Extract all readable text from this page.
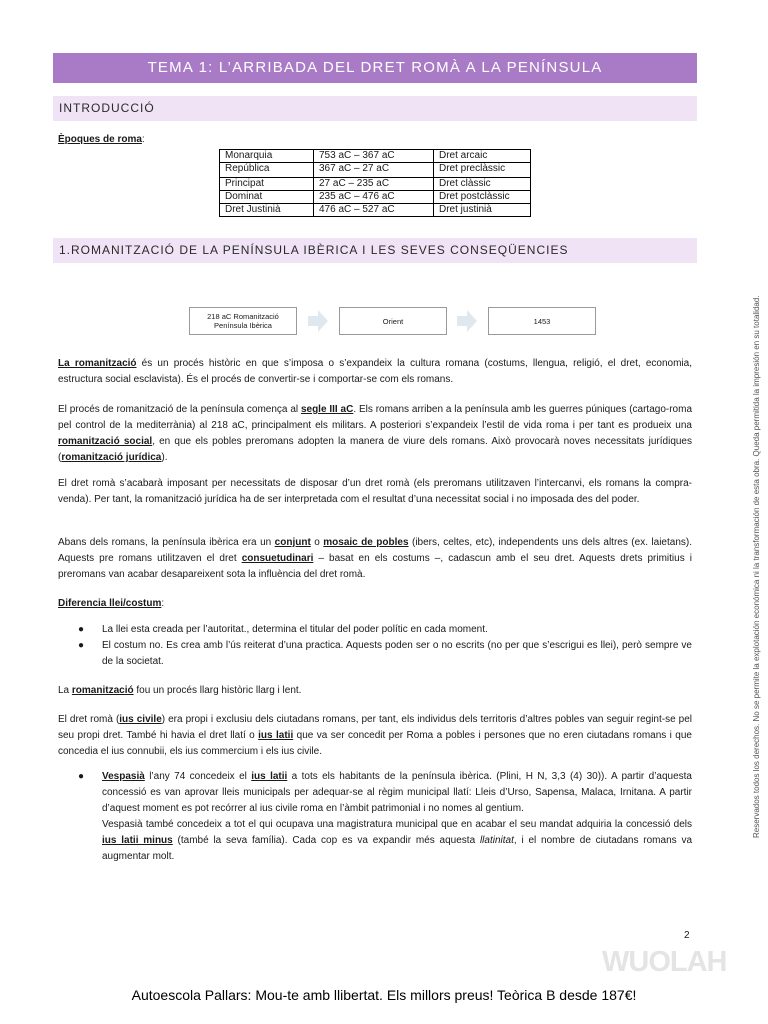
TEMA 1: L’ARRIBADA DEL DRET ROMÀ A LA PENÍNSULA
INTRODUCCIÓ
Èpoques de roma:
Monarquia	753 aC – 367 aC	Dret arcaic
República	367 aC – 27 aC	Dret preclàssic
Principat	27 aC – 235 aC	Dret clàssic
Dominat	235 aC – 476 aC	Dret postclàssic
Dret Justinià	476 aC – 527 aC	Dret justinià
1.ROMANITZACIÓ DE LA PENÍNSULA IBÈRICA I LES SEVES CONSEQÜENCIES
218 aC Romanització Península Ibèrica	Orient	1453
La romanització és un procés històric en que s’imposa o s’expandeix la cultura romana (costums, llengua, religió, el dret, economia, estructura social esclavista). És el procés de convertir-se i comportar-se com els romans.
El procés de romanització de la península comença al segle III aC. Els romans arriben a la península amb les guerres púniques (cartago-roma pel control de la mediterrània) al 218 aC, principalment els militars. A posteriori s’expandeix l’estil de vida roma i per tant es produeix una romanització social, en que els pobles preromans adopten la manera de viure dels romans. Això provocarà noves necessitats jurídiques (romanització jurídica).
El dret romà s’acabarà imposant per necessitats de disposar d’un dret romà (els preromans utilitzaven l’intercanvi, els romans la compra-venda). Per tant, la romanització jurídica ha de ser interpretada com el resultat d’una necessitat social i no imposada des del poder.
Abans dels romans, la península ibèrica era un conjunt o mosaic de pobles (ibers, celtes, etc), independents uns dels altres (ex. laietans). Aquests pre romans utilitzaven el dret consuetudinari – basat en els costums –, cadascun amb el seu dret. Aquests drets primitius i preromans van acabar desapareixent sota la influència del dret romà.
Diferencia llei/costum:
● La llei esta creada per l’autoritat., determina el titular del poder polític en cada moment.
● El costum no. Es crea amb l’ús reiterat d’una practica. Aquests poden ser o no escrits (no per que s’escrigui es llei), però sempre ve de la societat.
La romanització fou un procés llarg històric llarg i lent.
El dret romà (ius civile) era propi i exclusiu dels ciutadans romans, per tant, els individus dels territoris d’altres pobles van seguir regint-se pel seu propi dret. També hi havia el dret llatí o ius latii que va ser concedit per Roma a pobles i persones que no eren ciutadans romans i que concedia el ius connubii, els ius commercium i els ius civile.
● Vespasià l’any 74 concedeix el ius latii a tots els habitants de la península ibèrica. (Plini, H N, 3,3 (4) 30)). A partir d’aquesta concessió es van aprovar lleis municipals per adequar-se al règim municipal llatí: Lleis d’Urso, Sapensa, Malaca, Irnitana. A partir d’aquest moment es pot recórrer al ius civile roma en l’àmbit patrimonial i no nomes al gentium.
Vespasià també concedeix a tot el qui ocupava una magistratura municipal que en acabar el seu mandat adquiria la concessió dels ius latii minus (també la seva família). Cada cop es va expandir més aquesta llatinitat, i el nombre de ciutadans romans va augmentar molt.
Reservados todos los derechos. No se permite la explotación económica ni la transformación de esta obra. Queda permitida la impresión en su totalidad.
2
WUOLAH
Autoescola Pallars: Mou-te amb llibertat. Els millors preus! Teòrica B desde 187€!
